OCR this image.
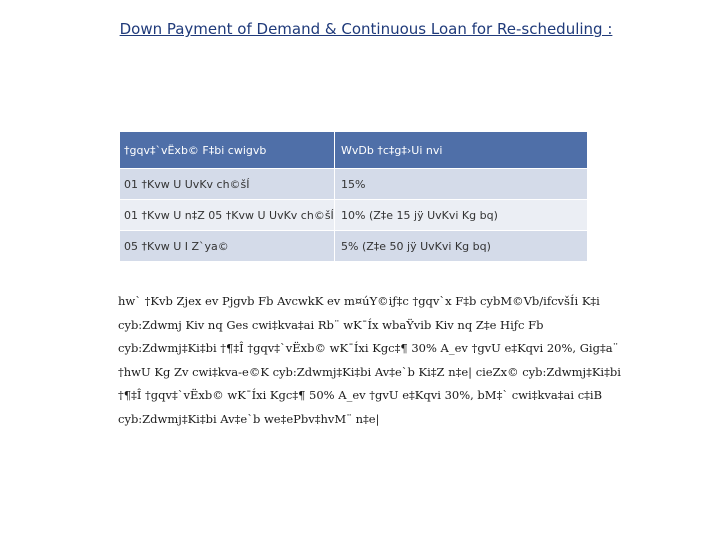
Down Payment of Demand & Continuous Loan for Re-scheduling :
†gqv‡`vËxb© F‡bi cwigvb	WvDb †c‡g‡›Ui nvi
01 †Kvw U UvKv ch©šÍ	15%
01 †Kvw U n‡Z 05 †Kvw U UvKv ch©šÍ	10% (Z‡e 15 jÿ UvKvi Kg bq)
05 †Kvw U I Z`ya©	5% (Z‡e 50 jÿ UvKvi Kg bq)

hw` †Kvb Zjex ev Pjgvb Fb AvcwkK ev m¤úY©iƒ‡c †gqv`x F‡b cybM©Vb/ifcvšÍi K‡i cyb:Zdwmj Kiv nq Ges cwi‡kva‡ai Rb¨ wK¯Íx wbaŸvib Kiv nq Z‡e Hiƒc Fb cyb:Zdwmj‡Ki‡bi †¶‡Î †gqv‡`vËxb© wK¯Íxi Kgc‡¶ 30% A_ev †gvU e‡Kqvi 20%, Gig‡a¨ †hwU Kg Zv cwi‡kva-e©K cyb:Zdwmj‡Ki‡bi Av‡e`b Ki‡Z n‡e| cieZx© cyb:Zdwmj‡Ki‡bi †¶‡Î †gqv‡`vËxb© wK¯Íxi Kgc‡¶ 50% A_ev †gvU e‡Kqvi 30%, bM‡` cwi‡kva‡ai c‡iB cyb:Zdwmj‡Ki‡bi Av‡e`b we‡ePbv‡hvM¨ n‡e|
